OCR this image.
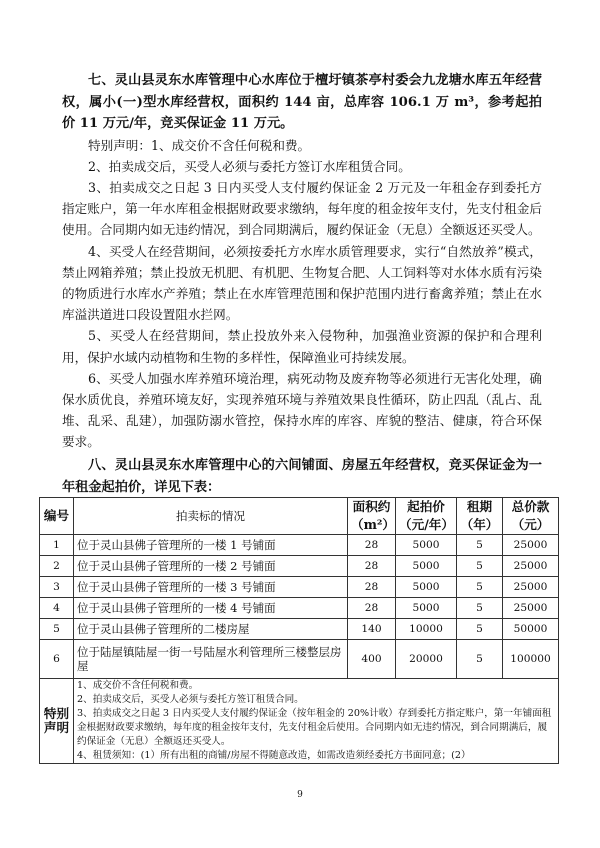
七、灵山县灵东水库管理中心水库位于檀圩镇茶亭村委会九龙塘水库五年经营权，属小(一)型水库经营权，面积约 144 亩，总库容 106.1 万 m³，参考起拍价 11 万元/年，竞买保证金 11 万元。

特别声明：1、成交价不含任何税和费。

2、拍卖成交后，买受人必须与委托方签订水库租赁合同。

3、拍卖成交之日起 3 日内买受人支付履约保证金 2 万元及一年租金存到委托方指定账户，第一年水库租金根据财政要求缴纳，每年度的租金按年支付，先支付租金后使用。合同期内如无违约情况，到合同期满后，履约保证金（无息）全额返还买受人。

4、买受人在经营期间，必须按委托方水库水质管理要求，实行“自然放养”模式，禁止网箱养殖；禁止投放无机肥、有机肥、生物复合肥、人工饲料等对水体水质有污染的物质进行水库水产养殖；禁止在水库管理范围和保护范围内进行畜禽养殖；禁止在水库溢洪道进口段设置阻水拦网。

5、买受人在经营期间，禁止投放外来入侵物种，加强渔业资源的保护和合理利用，保护水域内动植物和生物的多样性，保障渔业可持续发展。

6、买受人加强水库养殖环境治理，病死动物及废弃物等必须进行无害化处理，确保水质优良，养殖环境友好，实现养殖环境与养殖效果良性循环，防止四乱（乱占、乱堆、乱采、乱建），加强防溺水管控，保持水库的库容、库貌的整洁、健康，符合环保要求。

八、灵山县灵东水库管理中心的六间铺面、房屋五年经营权，竞买保证金为一年租金起拍价，详见下表：

编号	拍卖标的情况	面积约（m²）	起拍价（元/年）	租期（年）	总价款（元）
1	位于灵山县佛子管理所的一楼 1 号铺面	28	5000	5	25000
2	位于灵山县佛子管理所的一楼 2 号铺面	28	5000	5	25000
3	位于灵山县佛子管理所的一楼 3 号铺面	28	5000	5	25000
4	位于灵山县佛子管理所的一楼 4 号铺面	28	5000	5	25000
5	位于灵山县佛子管理所的二楼房屋	140	10000	5	50000
6	位于陆屋镇陆屋一街一号陆屋水利管理所三楼整层房屋	400	20000	5	100000
特别声明	1、成交价不含任何税和费。
2、拍卖成交后，买受人必须与委托方签订租赁合同。
3、拍卖成交之日起 3 日内买受人支付履约保证金（按年租金的 20%计收）存到委托方指定账户，第一年铺面租金根据财政要求缴纳，每年度的租金按年支付，先支付租金后使用。合同期内如无违约情况，到合同期满后，履约保证金（无息）全额返还买受人。
4、租赁须知：(1）所有出租的商铺/房屋不得随意改造，如需改造须经委托方书面同意；(2）				
9
